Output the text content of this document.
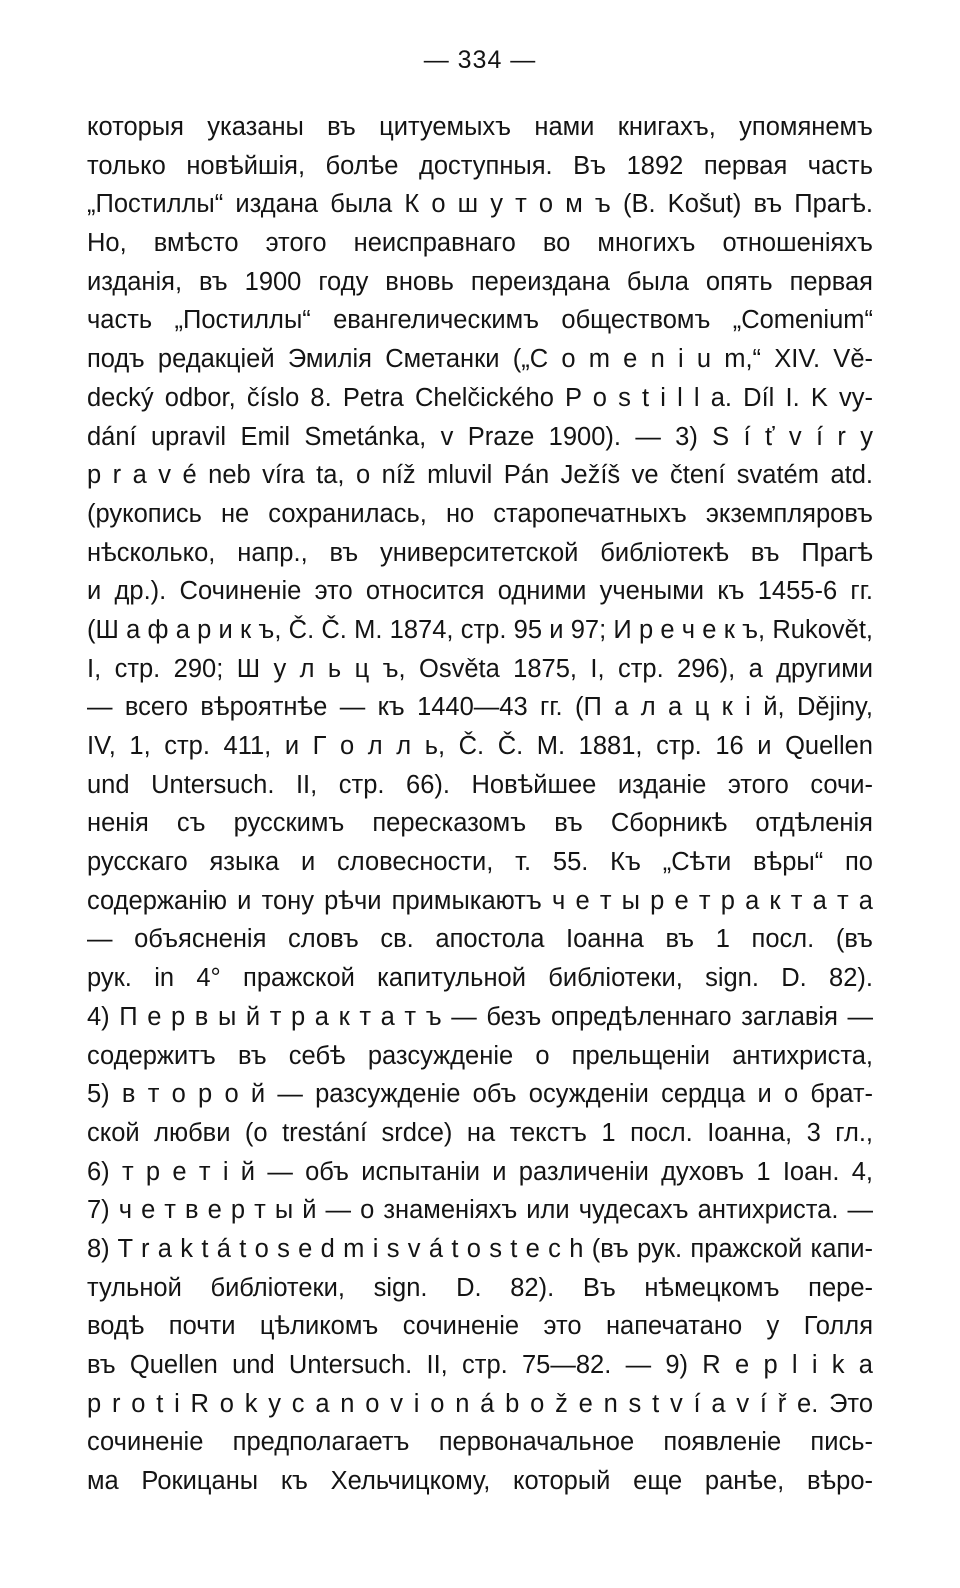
— 334 —
которыя указаны въ цитуемыхъ нами книгахъ, упомянемъ
только новѣйшія, болѣе доступныя. Въ 1892 первая часть
„Постиллы“ издана была К о ш у т о м ъ (B. Košut) въ Прагѣ.
Но, вмѣсто этого неисправнаго во многихъ отношеніяхъ
изданія, въ 1900 году вновь переиздана была опять первая
часть „Постиллы“ евангелическимъ обществомъ „Comenium“
подъ редакціей Эмилія Сметанки („C o m e n i u m,“ XIV. Vě-
decký odbor, číslo 8. Petra Chelčického P o s t i l l a. Díl I. K vy-
dání upravil Emil Smetánka, v Praze 1900). — 3) S í ť v í r y
p r a v é neb víra ta, o níž mluvil Pán Ježíš ve čtení svatém atd.
(рукопись не сохранилась, но старопечатныхъ экземпляровъ
нѣсколько, напр., въ университетской библіотекѣ въ Прагѣ
и др.). Сочиненіе это относится одними учеными къ 1455-6 гг.
(Ш а ф а р и к ъ, Č. Č. M. 1874, стр. 95 и 97; И р е ч е к ъ, Rukovět,
I, стр. 290; Ш у л ь ц ъ, Osvěta 1875, I, стр. 296), а другими
— всего вѣроятнѣе — къ 1440—43 гг. (П а л а ц к і й, Dějiny,
IV, 1, стр. 411, и Г о л л ь, Č. Č. M. 1881, стр. 16 и Quellen
und Untersuch. II, стр. 66). Новѣйшее изданіе этого сочи-
ненія съ русскимъ пересказомъ въ Сборникѣ отдѣленія
русскаго языка и словесности, т. 55. Къ „Сѣти вѣры“ по
содержанію и тону рѣчи примыкаютъ ч е т ы р е т р а к т а т а
— объясненія словъ св. апостола Іоанна въ 1 посл. (въ
рук. in 4° пражской капитульной библіотеки, sign. D. 82).
4) П е р в ы й т р а к т а т ъ — безъ опредѣленнаго заглавія —
содержитъ въ себѣ разсужденіе о прельщеніи антихриста,
5) в т о р о й — разсужденіе объ осужденіи сердца и о брат-
ской любви (o trestání srdce) на текстъ 1 посл. Іоанна, 3 гл.,
6) т р е т і й — объ испытаніи и различеніи духовъ 1 Іоан. 4,
7) ч е т в е р т ы й — о знаменіяхъ или чудесахъ антихриста. —
8) T r a k t á t o s e d m i s v á t o s t e c h (въ рук. пражской капи-
тульной библіотеки, sign. D. 82). Въ нѣмецкомъ пере-
водѣ почти цѣликомъ сочиненіе это напечатано у Голля
въ Quellen und Untersuch. II, стр. 75—82. — 9) R e p l i k a
p r o t i R o k y c a n o v i o n á b o ž e n s t v í a v í ř e. Это
сочиненіе предполагаетъ первоначальное появленіе пись-
ма Рокицаны къ Хельчицкому, который еще ранѣе, вѣро-
